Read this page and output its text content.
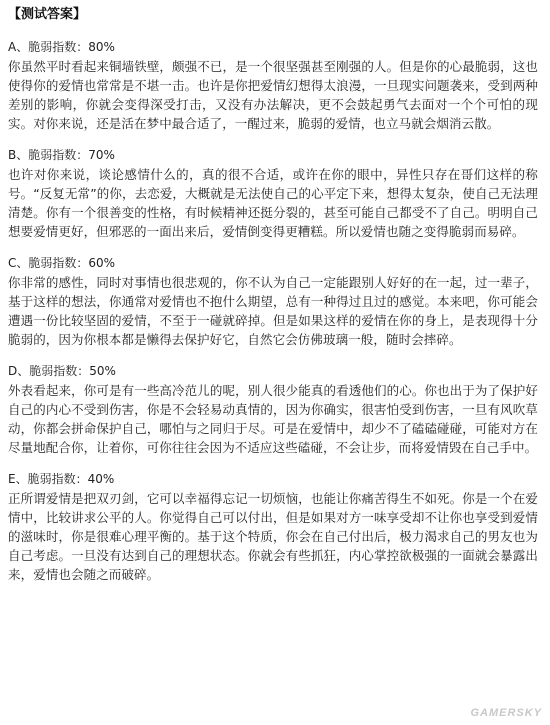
【测试答案】
A、脆弱指数：80%
你虽然平时看起来铜墙铁壁，颇强不已，是一个很坚强甚至刚强的人。但是你的心最脆弱，这也使得你的爱情也常常是不堪一击。也许是你把爱情幻想得太浪漫，一旦现实问题袭来，受到两种差别的影响，你就会变得深受打击，又没有办法解决，更不会鼓起勇气去面对一个个可怕的现实。对你来说，还是活在梦中最合适了，一醒过来，脆弱的爱情，也立马就会烟消云散。
B、脆弱指数：70%
也许对你来说，谈论感情什么的，真的很不合适，或许在你的眼中，异性只存在哥们这样的称号。“反复无常”的你，去恋爱，大概就是无法使自己的心平定下来，想得太复杂，使自己无法理清楚。你有一个很善变的性格，有时候精神还挺分裂的，甚至可能自己都受不了自己。明明自己想要爱情更好，但邪恶的一面出来后，爱情倒变得更糟糕。所以爱情也随之变得脆弱而易碎。
C、脆弱指数：60%
你非常的感性，同时对事情也很悲观的，你不认为自己一定能跟别人好好的在一起，过一辈子，基于这样的想法，你通常对爱情也不抱什么期望，总有一种得过且过的感觉。本来吧，你可能会遭遇一份比较坚固的爱情，不至于一碰就碎掉。但是如果这样的爱情在你的身上，是表现得十分脆弱的，因为你根本都是懒得去保护好它，自然它会仿佛玻璃一般，随时会摔碎。
D、脆弱指数：50%
外表看起来，你可是有一些高冷范儿的呢，别人很少能真的看透他们的心。你也出于为了保护好自己的内心不受到伤害，你是不会轻易动真情的，因为你确实，很害怕受到伤害，一旦有风吹草动，你都会拼命保护自己，哪怕与之同归于尽。可是在爱情中，却少不了磕磕碰碰，可能对方在尽量地配合你，让着你，可你往往会因为不适应这些磕碰，不会让步，而将爱情毁在自己手中。
E、脆弱指数：40%
正所谓爱情是把双刃剑，它可以幸福得忘记一切烦恼，也能让你痛苦得生不如死。你是一个在爱情中，比较讲求公平的人。你觉得自己可以付出，但是如果对方一味享受却不让你也享受到爱情的滋味时，你是很难心理平衡的。基于这个特质，你会在自己付出后，极力渴求自己的男友也为自己考虑。一旦没有达到自己的理想状态。你就会有些抓狂，内心掌控欲极强的一面就会暴露出来，爱情也会随之而破碎。
GAMERSKY
